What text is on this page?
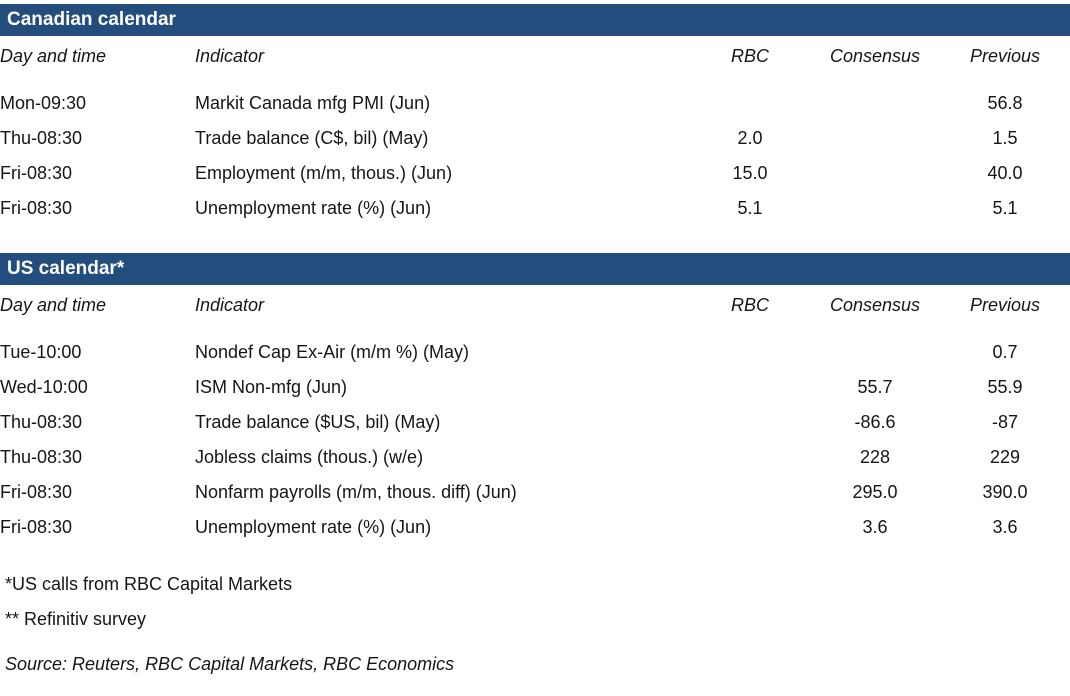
Canadian calendar
Day and time	Indicator	RBC	Consensus	Previous
Mon-09:30	Markit Canada mfg PMI (Jun)			56.8
Thu-08:30	Trade balance (C$, bil) (May)	2.0		1.5
Fri-08:30	Employment (m/m, thous.) (Jun)	15.0		40.0
Fri-08:30	Unemployment rate (%) (Jun)	5.1		5.1
US calendar*
Day and time	Indicator	RBC	Consensus	Previous
Tue-10:00	Nondef Cap Ex-Air (m/m %) (May)			0.7
Wed-10:00	ISM Non-mfg (Jun)		55.7	55.9
Thu-08:30	Trade balance ($US, bil) (May)		-86.6	-87
Thu-08:30	Jobless claims (thous.) (w/e)		228	229
Fri-08:30	Nonfarm payrolls (m/m, thous. diff) (Jun)		295.0	390.0
Fri-08:30	Unemployment rate (%) (Jun)		3.6	3.6
*US calls from RBC Capital Markets
** Refinitiv survey
Source: Reuters, RBC Capital Markets, RBC Economics
